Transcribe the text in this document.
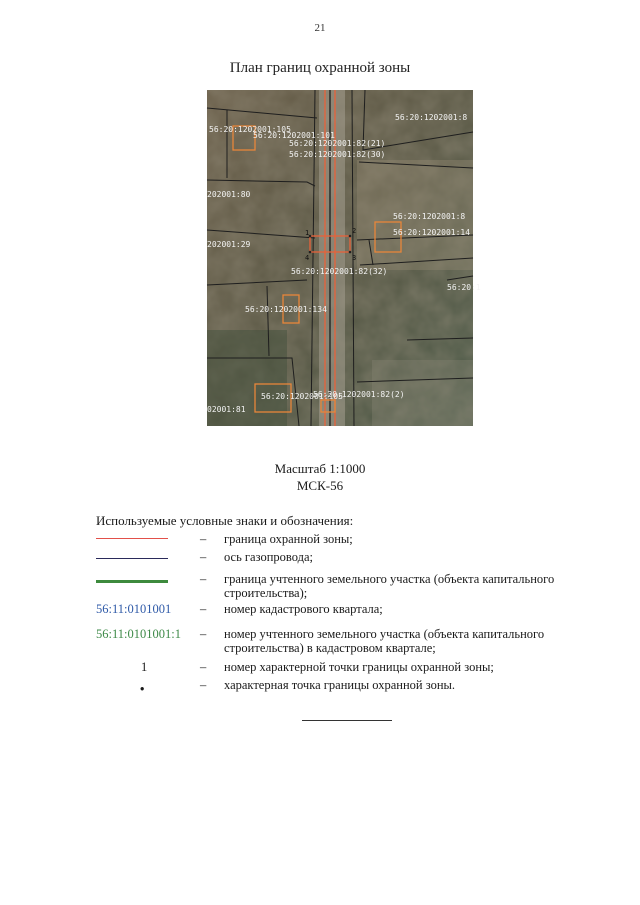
21
План границ охранной зоны
1	2
3
4
56:20:1202001:105
56:20:1202001:101
56:20:1202001:82(21)
56:20:1202001:82(30)
56:20:1202001:8
202001:80
56:20:1202001:8
56:20:1202001:14
202001:29
56:20:1202001:82(32)
56:20:1
56:20:1202001:134
56:20:1202001:105
56:20:1202001:82(2)
02001:81
Масштаб 1:1000
МСК-56
Используемые условные знаки и обозначения:
– граница охранной зоны;
– ось газопровода;
– граница учтенного земельного участка (объекта капитального строительства);
56:11:0101001	– номер кадастрового квартала;
56:11:0101001:1	– номер учтенного земельного участка (объекта капитального строительства) в кадастровом квартале;
1	– номер характерной точки границы охранной зоны;
•	– характерная точка границы охранной зоны.
